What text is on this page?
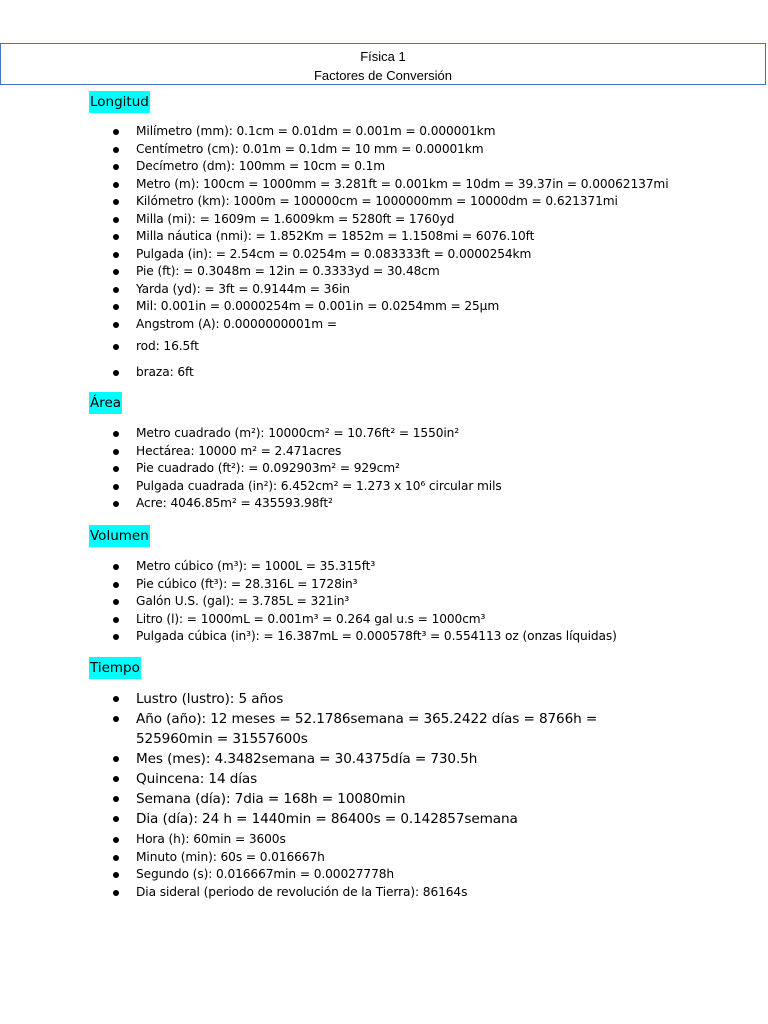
Física 1
Factores de Conversión
Longitud
Milímetro (mm): 0.1cm = 0.01dm = 0.001m = 0.000001km
Centímetro (cm): 0.01m = 0.1dm = 10 mm = 0.00001km
Decímetro (dm): 100mm = 10cm = 0.1m
Metro (m): 100cm = 1000mm = 3.281ft = 0.001km = 10dm = 39.37in = 0.00062137mi
Kilómetro (km): 1000m = 100000cm = 1000000mm = 10000dm = 0.621371mi
Milla (mi): = 1609m = 1.6009km = 5280ft = 1760yd
Milla náutica (nmi): = 1.852Km = 1852m = 1.1508mi = 6076.10ft
Pulgada (in): = 2.54cm = 0.0254m = 0.083333ft = 0.0000254km
Pie (ft): = 0.3048m = 12in = 0.3333yd = 30.48cm
Yarda (yd): = 3ft = 0.9144m = 36in
Mil: 0.001in = 0.0000254m = 0.001in = 0.0254mm = 25µm
Angstrom (A): 0.0000000001m =
rod: 16.5ft
braza: 6ft
Área
Metro cuadrado (m²): 10000cm² = 10.76ft² = 1550in²
Hectárea: 10000 m² = 2.471acres
Pie cuadrado (ft²): = 0.092903m² = 929cm²
Pulgada cuadrada (in²): 6.452cm² = 1.273 x 10⁶ circular mils
Acre: 4046.85m² = 435593.98ft²
Volumen
Metro cúbico (m³): = 1000L = 35.315ft³
Pie cúbico (ft³): = 28.316L = 1728in³
Galón U.S. (gal): = 3.785L = 321in³
Litro (l): = 1000mL = 0.001m³ = 0.264 gal u.s = 1000cm³
Pulgada cúbica (in³): = 16.387mL = 0.000578ft³ = 0.554113 oz (onzas líquidas)
Tiempo
Lustro (lustro): 5 años
Año (año): 12 meses = 52.1786semana = 365.2422 días = 8766h = 525960min = 31557600s
Mes (mes): 4.3482semana = 30.4375día = 730.5h
Quincena: 14 días
Semana (día): 7dia = 168h = 10080min
Dia (día): 24 h = 1440min = 86400s = 0.142857semana
Hora (h): 60min = 3600s
Minuto (min): 60s = 0.016667h
Segundo (s): 0.016667min = 0.00027778h
Dia sideral (periodo de revolución de la Tierra): 86164s
